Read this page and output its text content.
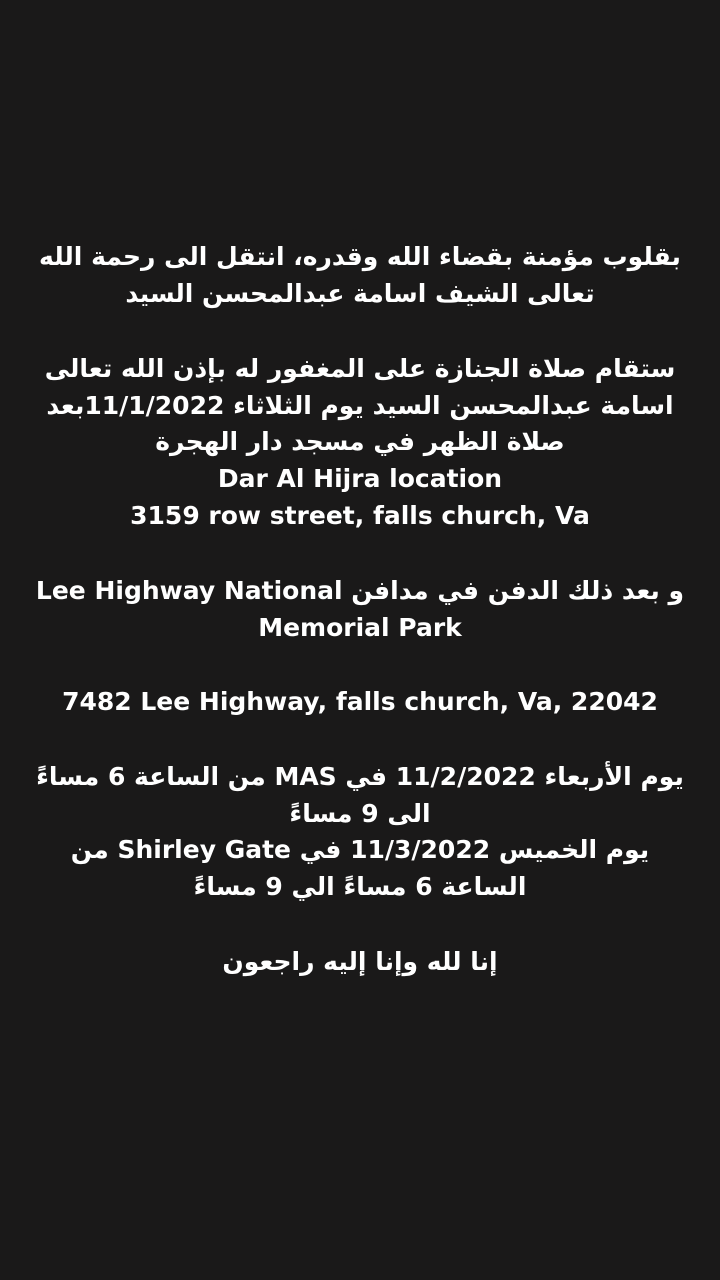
بقلوب مؤمنة بقضاء الله وقدره، انتقل الى رحمة الله
تعالى الشيف اسامة عبدالمحسن السيد
ستقام صلاة الجنازة على المغفور له بإذن الله تعالى
اسامة عبدالمحسن السيد يوم الثلاثاء 11/1/2022بعد
صلاة الظهر في مسجد دار الهجرة
Dar Al Hijra location
3159 row street, falls church, Va
و بعد ذلك الدفن في مدافن Lee Highway National
Memorial Park
7482 Lee Highway, falls church, Va, 22042
يوم الأربعاء 11/2/2022 في MAS من الساعة 6 مساءً
الى 9 مساءً
يوم الخميس 11/3/2022 في Shirley Gate من
الساعة 6 مساءً الي 9 مساءً
إنا لله وإنا إليه راجعون
